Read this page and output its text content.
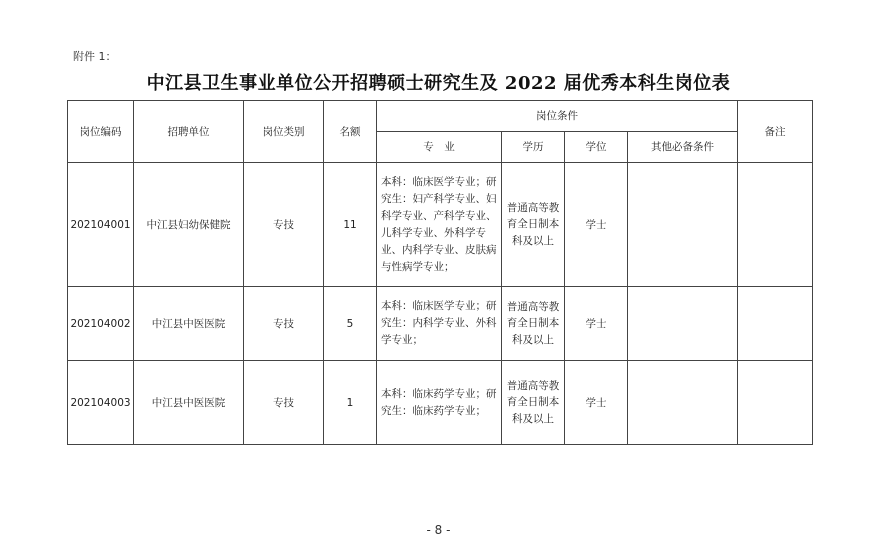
附件 1：
中江县卫生事业单位公开招聘硕士研究生及 2022 届优秀本科生岗位表
岗位编码	招聘单位	岗位类别	名额	岗位条件				备注
				专　业	学历	学位	其他必备条件	
202104001	中江县妇幼保健院	专技	11	本科：临床医学专业；研究生：妇产科学专业、妇科学专业、产科学专业、儿科学专业、外科学专业、内科学专业、皮肤病与性病学专业；	普通高等教育全日制本科及以上	学士		
202104002	中江县中医医院	专技	5	本科：临床医学专业；研究生：内科学专业、外科学专业；	普通高等教育全日制本科及以上	学士		
202104003	中江县中医医院	专技	1	本科：临床药学专业；研究生：临床药学专业；	普通高等教育全日制本科及以上	学士		
- 8 -
